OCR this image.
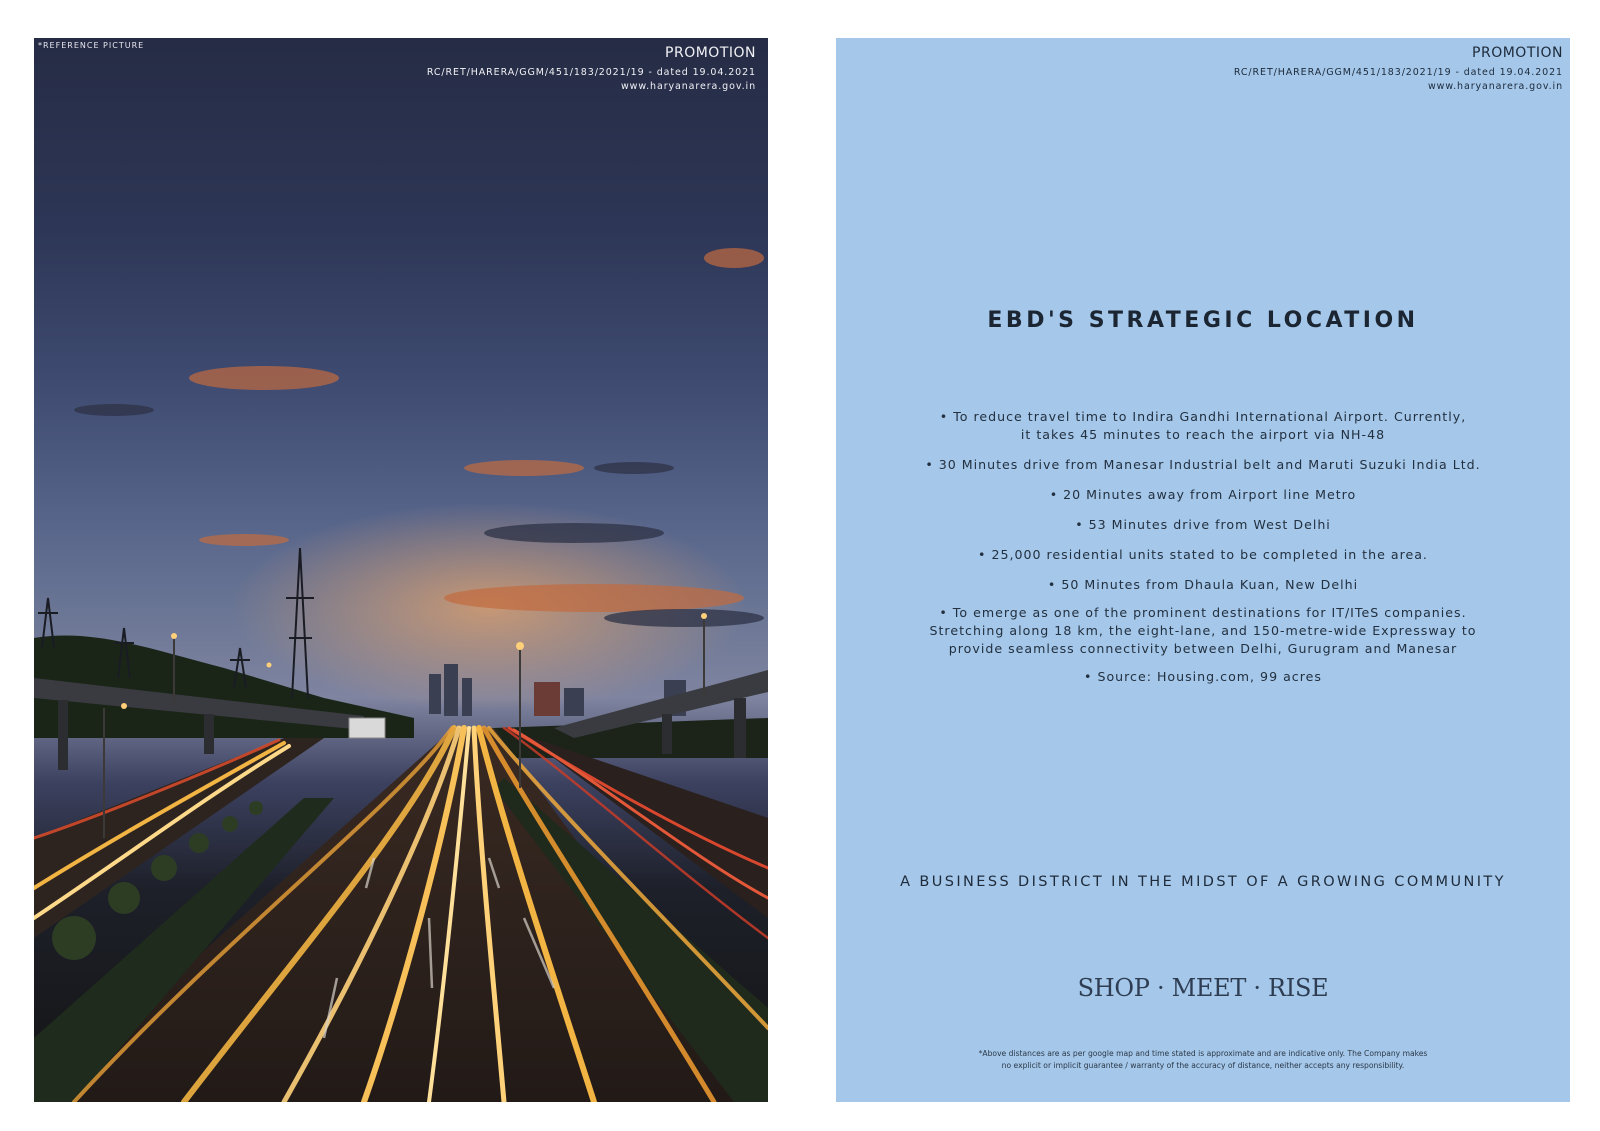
*REFERENCE PICTURE	PROMOTION
RC/RET/HARERA/GGM/451/183/2021/19 - dated 19.04.2021
www.haryanarera.gov.in
PROMOTION
RC/RET/HARERA/GGM/451/183/2021/19 - dated 19.04.2021
www.haryanarera.gov.in
EBD'S STRATEGIC LOCATION
• To reduce travel time to Indira Gandhi International Airport. Currently,
it takes 45 minutes to reach the airport via NH-48
• 30 Minutes drive from Manesar Industrial belt and Maruti Suzuki India Ltd.
• 20 Minutes away from Airport line Metro
• 53 Minutes drive from West Delhi
• 25,000 residential units stated to be completed in the area.
• 50 Minutes from Dhaula Kuan, New Delhi
• To emerge as one of the prominent destinations for IT/ITeS companies.
Stretching along 18 km, the eight-lane, and 150-metre-wide Expressway to
provide seamless connectivity between Delhi, Gurugram and Manesar
• Source: Housing.com, 99 acres
A BUSINESS DISTRICT IN THE MIDST OF A GROWING COMMUNITY
SHOP · MEET · RISE
*Above distances are as per google map and time stated is approximate and are indicative only. The Company makes
no explicit or implicit guarantee / warranty of the accuracy of distance, neither accepts any responsibility.
